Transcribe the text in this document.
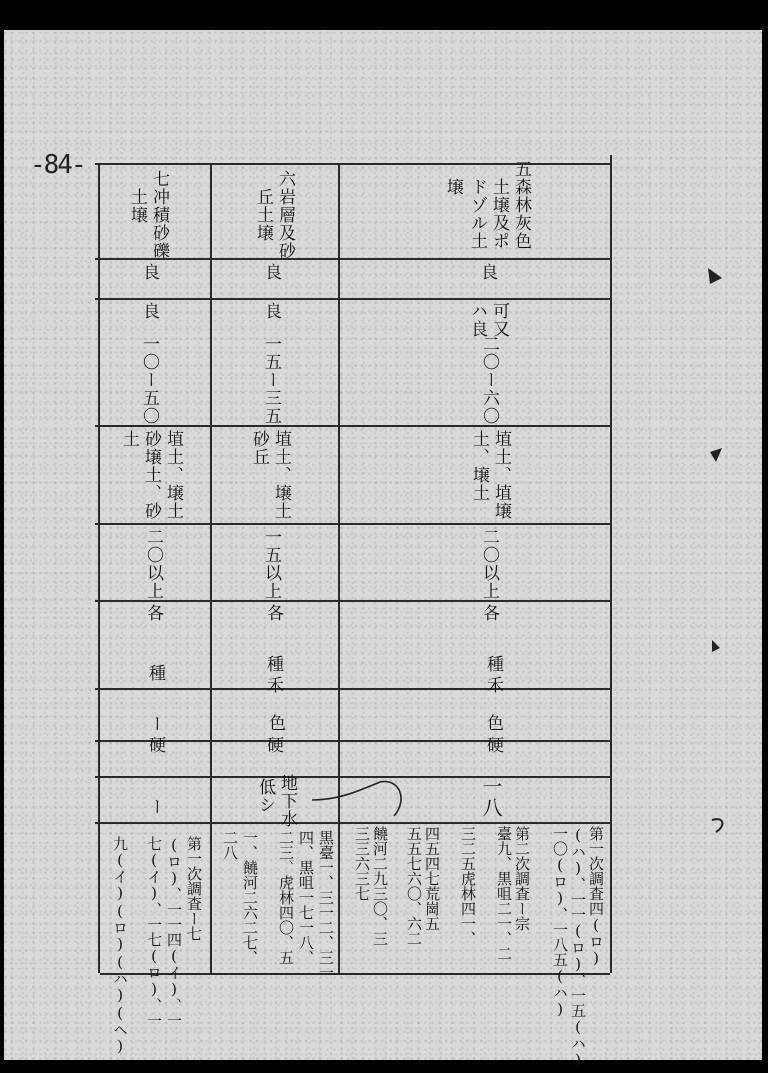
-84-	五森林灰色
土壌及ポ
ドゾル土
壌
良
可又
ハ良
二〇ー六〇
埴土、埴壌
土、壌土
二〇以上
各
種
禾
色
硬
一八
第一次調査四(ロ)
(ハ)、一一(ロ)、一五(ハ)
一〇(ロ)、一八五(ハ)
第二次調査ー宗
臺九、黒咀二一、二
三二五虎林四一、
四五四七荒崗五
五五七六〇、六二
饒河二九三〇、三
三三六三七
六岩層及砂
丘土壌
良
良
一五ー三五
埴土、壌土
砂丘
一五以上
各
種
禾
色
硬
地下水
低シ
黒臺一、三一二、三一
四、黒咀一七一八、
二三、虎林四〇、五
一、饒河二六二七、
二八
七冲積砂礫
土壌
良
良
一〇ー五〇
埴土、壌土
砂壌土、砂
土
二〇以上
各
種
ー
硬
ー
第一次調査ー七
(ロ)、一一四(イ)、一
七(イ)、一七(ロ)、一
九(イ)(ロ)(ハ)(ヘ)
